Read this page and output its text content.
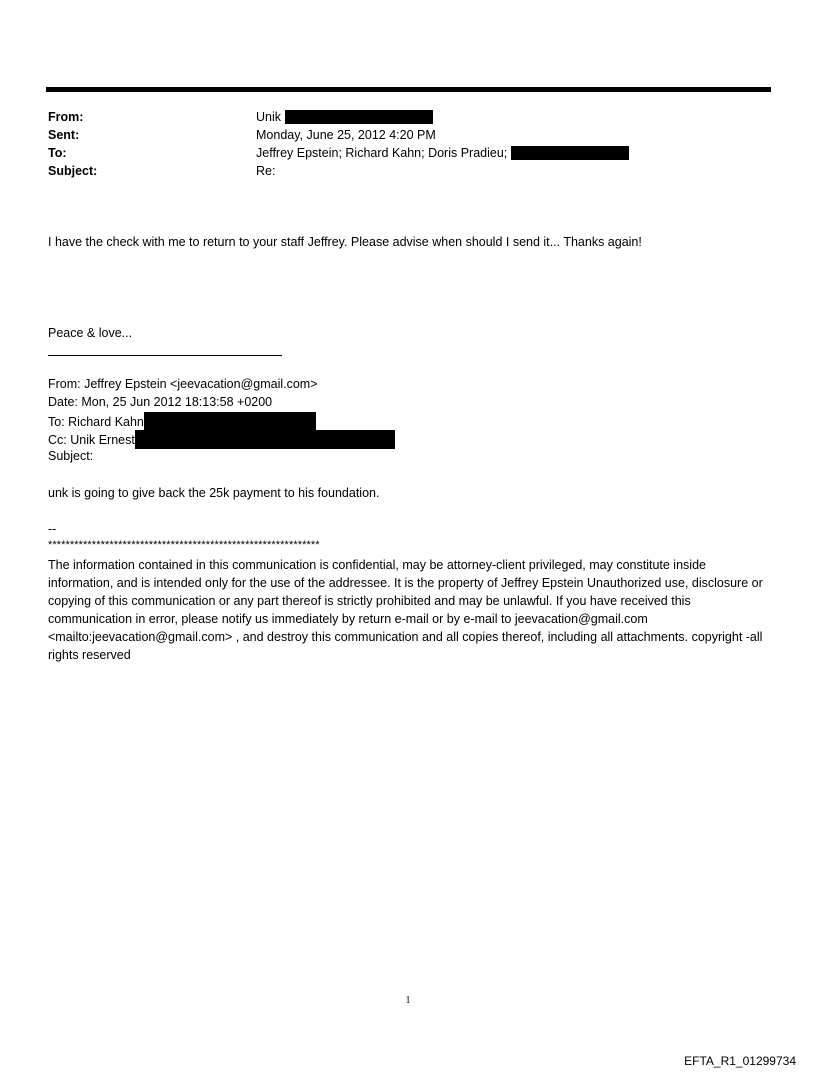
From:	Unik
Sent:	Monday, June 25, 2012 4:20 PM
To:	Jeffrey Epstein; Richard Kahn; Doris Pradieu;
Subject:	Re:
I have the check with me to return to your staff Jeffrey. Please advise when should I send it... Thanks again!
Peace & love...
From: Jeffrey Epstein <jeevacation@gmail.com>
Date: Mon, 25 Jun 2012 18:13:58 +0200
To: Richard Kahn
Cc: Unik Ernest
Subject:
unk is going to give back the 25k payment to his foundation.
--
**************************************************************
The information contained in this communication is confidential, may be attorney-client privileged, may constitute inside information, and is intended only for the use of the addressee. It is the property of Jeffrey Epstein Unauthorized use, disclosure or copying of this communication or any part thereof is strictly prohibited and may be unlawful. If you have received this communication in error, please notify us immediately by return e-mail or by e-mail to jeevacation@gmail.com <mailto:jeevacation@gmail.com> , and destroy this communication and all copies thereof, including all attachments. copyright -all rights reserved
1
EFTA_R1_01299734
